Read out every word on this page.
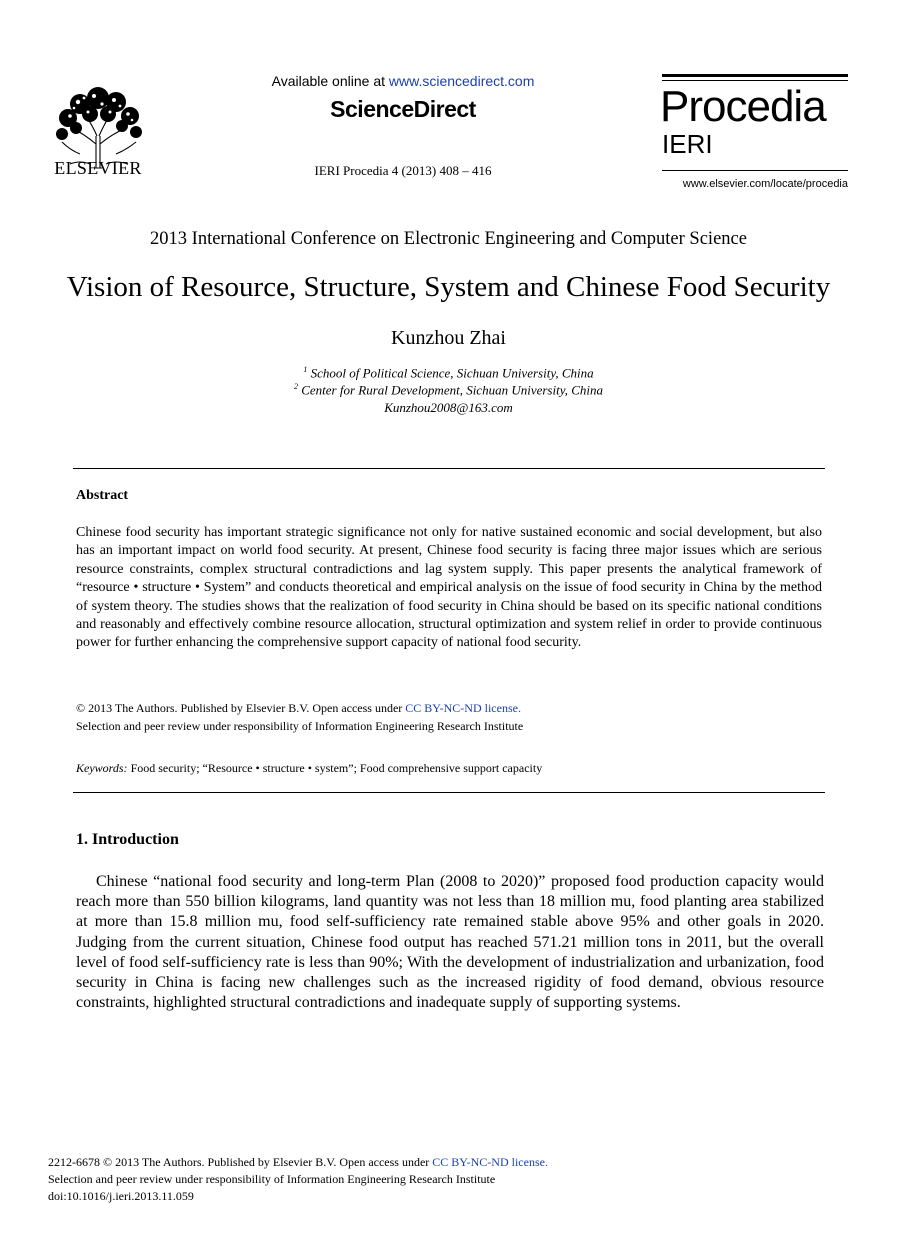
ELSEVIER
Available online at www.sciencedirect.com
ScienceDirect
IERI Procedia 4 (2013) 408 – 416
Procedia
IERI
www.elsevier.com/locate/procedia
2013 International Conference on Electronic Engineering and Computer Science
Vision of Resource, Structure, System and Chinese Food Security
Kunzhou Zhai
$^1$ School of Political Science, Sichuan University, China
$^2$ Center for Rural Development, Sichuan University, China
Kunzhou2008@163.com
Abstract
Chinese food security has important strategic significance not only for native sustained economic and social development, but also has an important impact on world food security. At present, Chinese food security is facing three major issues which are serious resource constraints, complex structural contradictions and lag system supply. This paper presents the analytical framework of “resource • structure • System” and conducts theoretical and empirical analysis on the issue of food security in China by the method of system theory. The studies shows that the realization of food security in China should be based on its specific national conditions and reasonably and effectively combine resource allocation, structural optimization and system relief in order to provide continuous power for further enhancing the comprehensive support capacity of national food security.
© 2013 The Authors. Published by Elsevier B.V. Open access under CC BY-NC-ND license.
Selection and peer review under responsibility of Information Engineering Research Institute
Keywords: Food security; “Resource • structure • system”; Food comprehensive support capacity
1. Introduction
Chinese “national food security and long-term Plan (2008 to 2020)” proposed food production capacity would reach more than 550 billion kilograms, land quantity was not less than 18 million mu, food planting area stabilized at more than 15.8 million mu, food self-sufficiency rate remained stable above 95% and other goals in 2020. Judging from the current situation, Chinese food output has reached 571.21 million tons in 2011, but the overall level of food self-sufficiency rate is less than 90%; With the development of industrialization and urbanization, food security in China is facing new challenges such as the increased rigidity of food demand, obvious resource constraints, highlighted structural contradictions and inadequate supply of supporting systems.
2212-6678 © 2013 The Authors. Published by Elsevier B.V. Open access under CC BY-NC-ND license.
Selection and peer review under responsibility of Information Engineering Research Institute
doi:10.1016/j.ieri.2013.11.059
